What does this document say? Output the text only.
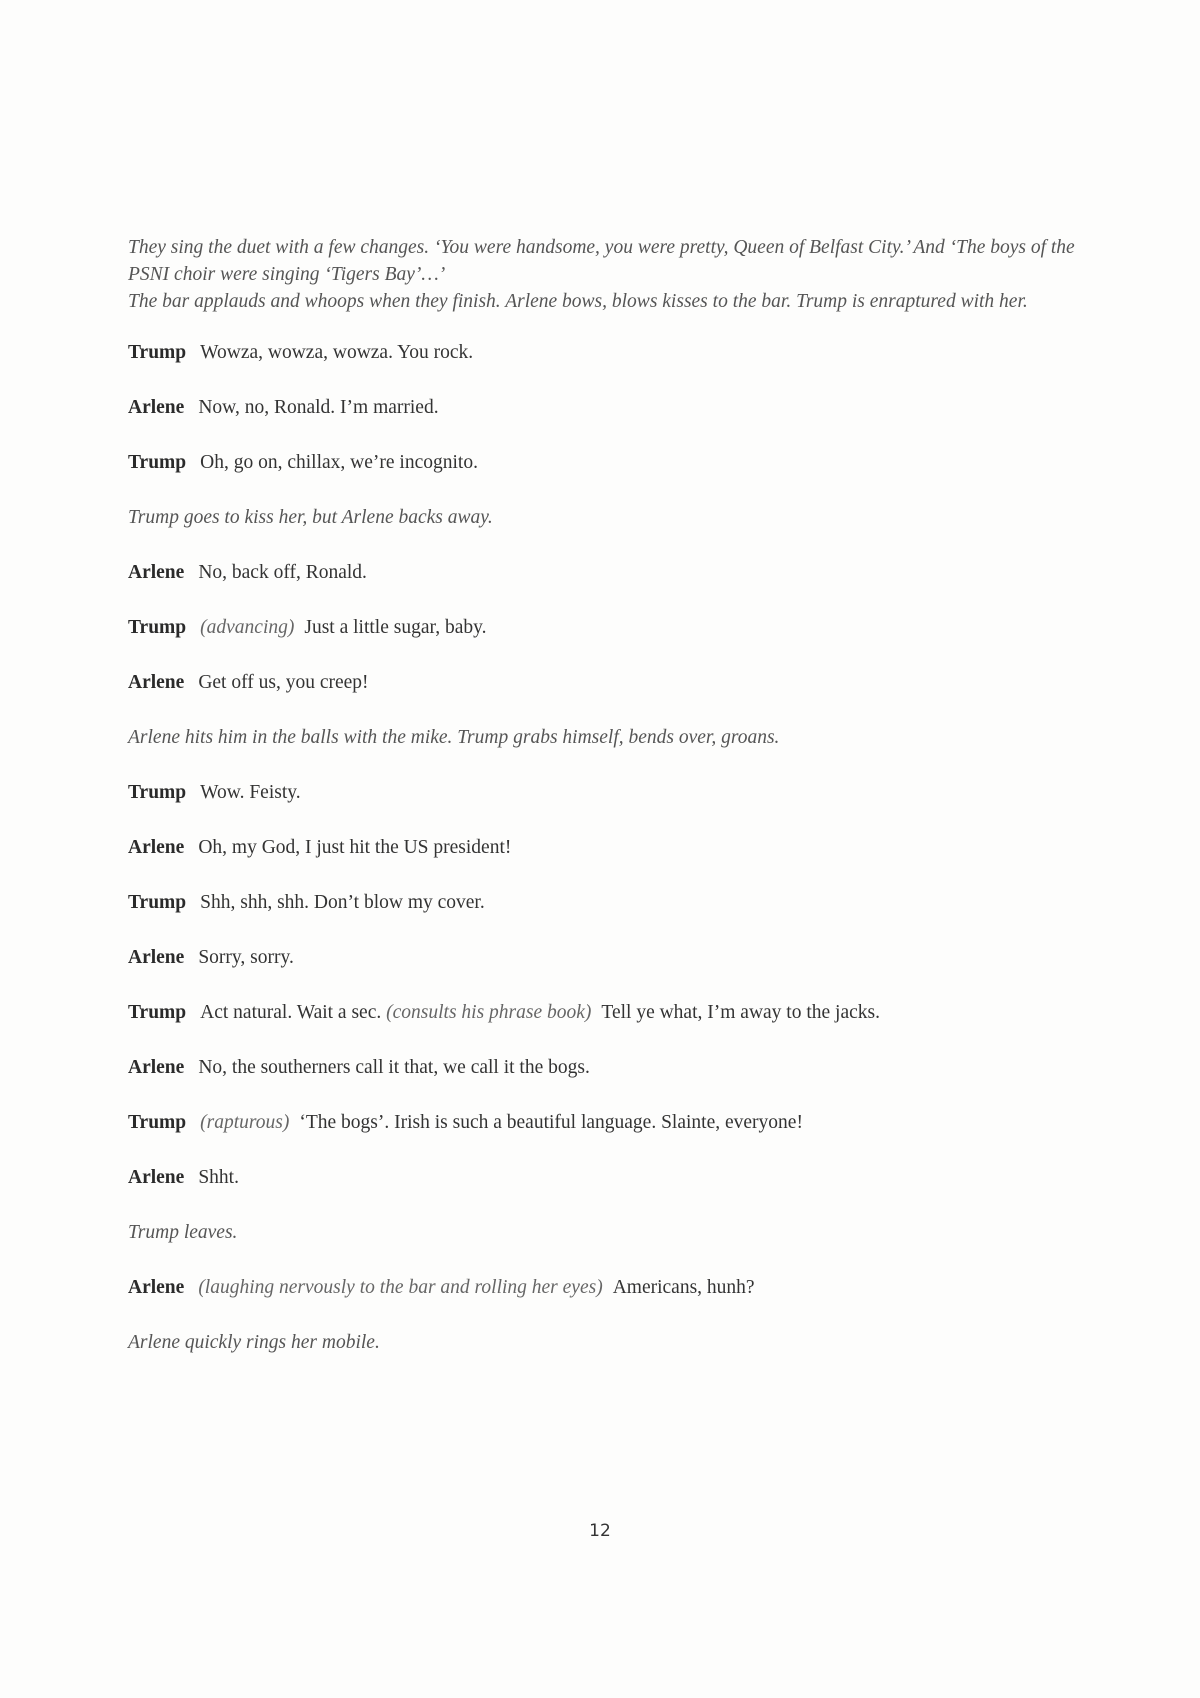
They sing the duet with a few changes. ‘You were handsome, you were pretty, Queen of Belfast City.’ And ‘The boys of the PSNI choir were singing ‘Tigers Bay’…’
The bar applauds and whoops when they finish. Arlene bows, blows kisses to the bar. Trump is enraptured with her.
Trump Wowza, wowza, wowza. You rock.
Arlene Now, no, Ronald. I’m married.
Trump Oh, go on, chillax, we’re incognito.
Trump goes to kiss her, but Arlene backs away.
Arlene No, back off, Ronald.
Trump (advancing) Just a little sugar, baby.
Arlene Get off us, you creep!
Arlene hits him in the balls with the mike. Trump grabs himself, bends over, groans.
Trump Wow. Feisty.
Arlene Oh, my God, I just hit the US president!
Trump Shh, shh, shh. Don’t blow my cover.
Arlene Sorry, sorry.
Trump Act natural. Wait a sec. (consults his phrase book) Tell ye what, I’m away to the jacks.
Arlene No, the southerners call it that, we call it the bogs.
Trump (rapturous) ‘The bogs’. Irish is such a beautiful language. Slainte, everyone!
Arlene Shht.
Trump leaves.
Arlene (laughing nervously to the bar and rolling her eyes) Americans, hunh?
Arlene quickly rings her mobile.
12
